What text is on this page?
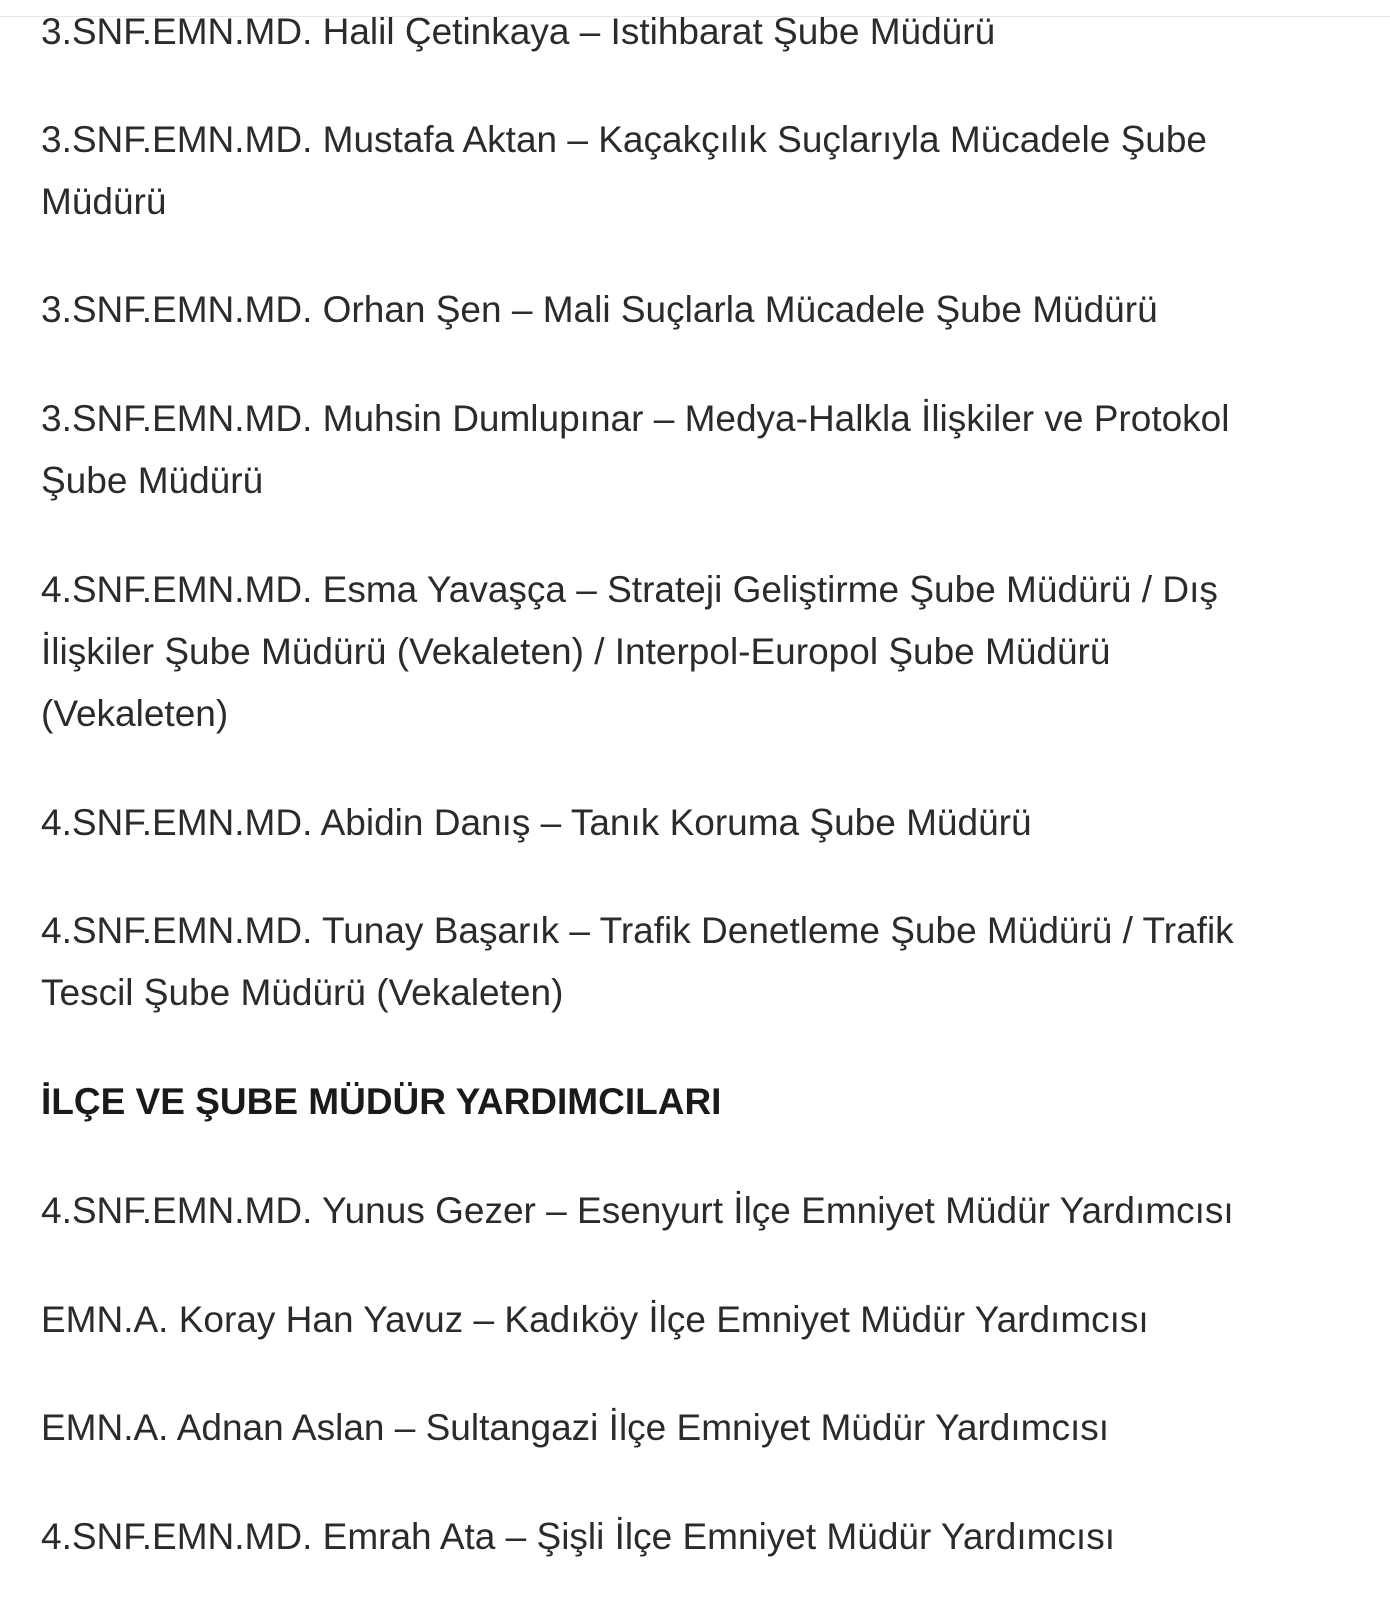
3.SNF.EMN.MD. Halil Çetinkaya – Istihbarat Şube Müdürü

3.SNF.EMN.MD. Mustafa Aktan – Kaçakçılık Suçlarıyla Mücadele Şube Müdürü

3.SNF.EMN.MD. Orhan Şen – Mali Suçlarla Mücadele Şube Müdürü

3.SNF.EMN.MD. Muhsin Dumlupınar – Medya-Halkla İlişkiler ve Protokol Şube Müdürü

4.SNF.EMN.MD. Esma Yavaşça – Strateji Geliştirme Şube Müdürü / Dış İlişkiler Şube Müdürü (Vekaleten) / Interpol-Europol Şube Müdürü (Vekaleten)

4.SNF.EMN.MD. Abidin Danış – Tanık Koruma Şube Müdürü

4.SNF.EMN.MD. Tunay Başarık – Trafik Denetleme Şube Müdürü / Trafik Tescil Şube Müdürü (Vekaleten)

İLÇE VE ŞUBE MÜDÜR YARDIMCILARI

4.SNF.EMN.MD. Yunus Gezer – Esenyurt İlçe Emniyet Müdür Yardımcısı

EMN.A. Koray Han Yavuz – Kadıköy İlçe Emniyet Müdür Yardımcısı

EMN.A. Adnan Aslan – Sultangazi İlçe Emniyet Müdür Yardımcısı

4.SNF.EMN.MD. Emrah Ata – Şişli İlçe Emniyet Müdür Yardımcısı
